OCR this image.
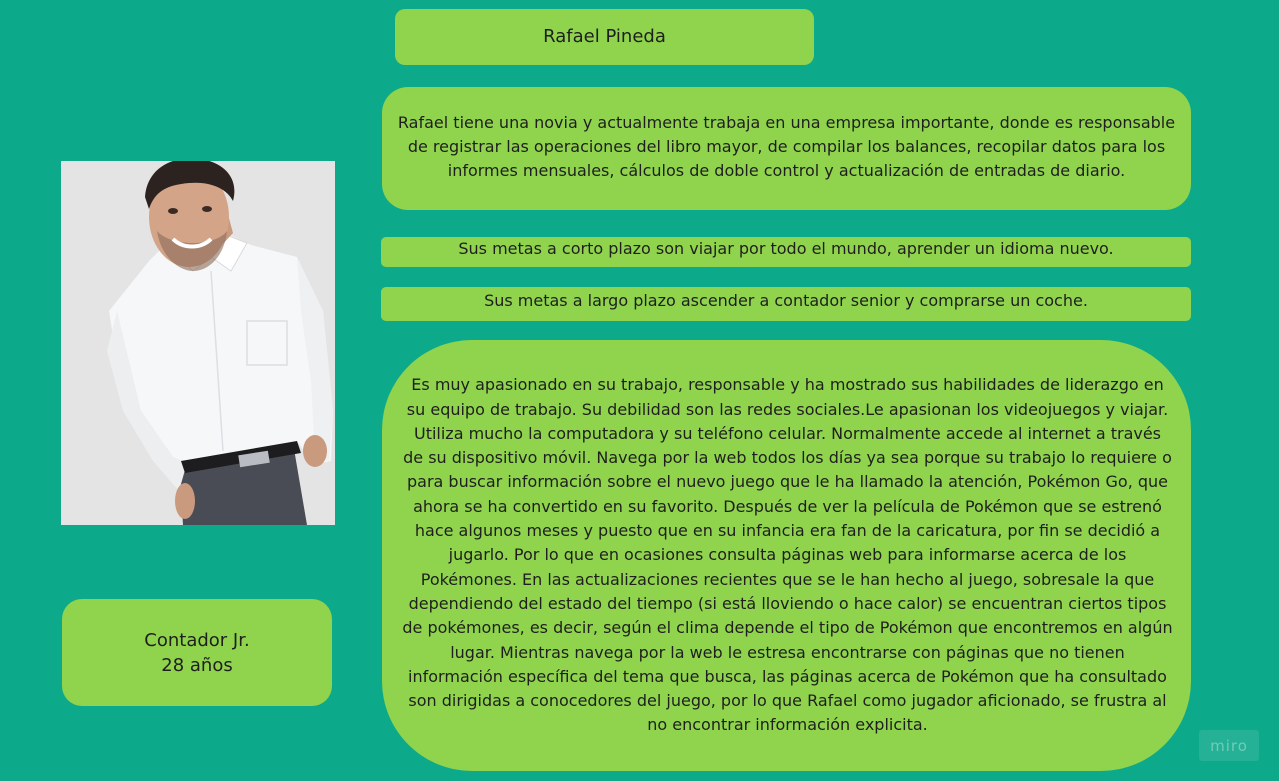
Rafael Pineda
Rafael tiene una novia y actualmente trabaja en una empresa importante, donde es responsable de registrar las operaciones del libro mayor, de compilar los balances, recopilar datos para los informes mensuales, cálculos de doble control y actualización de entradas de diario.
Sus metas a corto plazo son viajar por todo el mundo, aprender un idioma nuevo.
Sus metas a largo plazo ascender a contador senior y comprarse un coche.
Es muy apasionado en su trabajo, responsable y ha mostrado sus habilidades de liderazgo en su equipo de trabajo. Su debilidad son las redes sociales.Le apasionan los videojuegos y viajar. Utiliza mucho la computadora y su teléfono celular. Normalmente accede al internet a través de su dispositivo móvil. Navega por la web todos los días ya sea porque su trabajo lo requiere o para buscar información sobre el nuevo juego que le ha llamado la atención, Pokémon Go, que ahora se ha convertido en su favorito. Después de ver la película de Pokémon que se estrenó hace algunos meses y puesto que en su infancia era fan de la caricatura, por fin se decidió a jugarlo. Por lo que en ocasiones consulta páginas web para informarse acerca de los Pokémones. En las actualizaciones recientes que se le han hecho al juego, sobresale la que dependiendo del estado del tiempo (si está lloviendo o hace calor) se encuentran ciertos tipos de pokémones, es decir, según el clima depende el tipo de Pokémon que encontremos en algún lugar. Mientras navega por la web le estresa encontrarse con páginas que no tienen información específica del tema que busca, las páginas acerca de Pokémon que ha consultado son dirigidas a conocedores del juego, por lo que Rafael como jugador aficionado, se frustra al no encontrar información explicita.
Contador Jr.
28 años
miro
